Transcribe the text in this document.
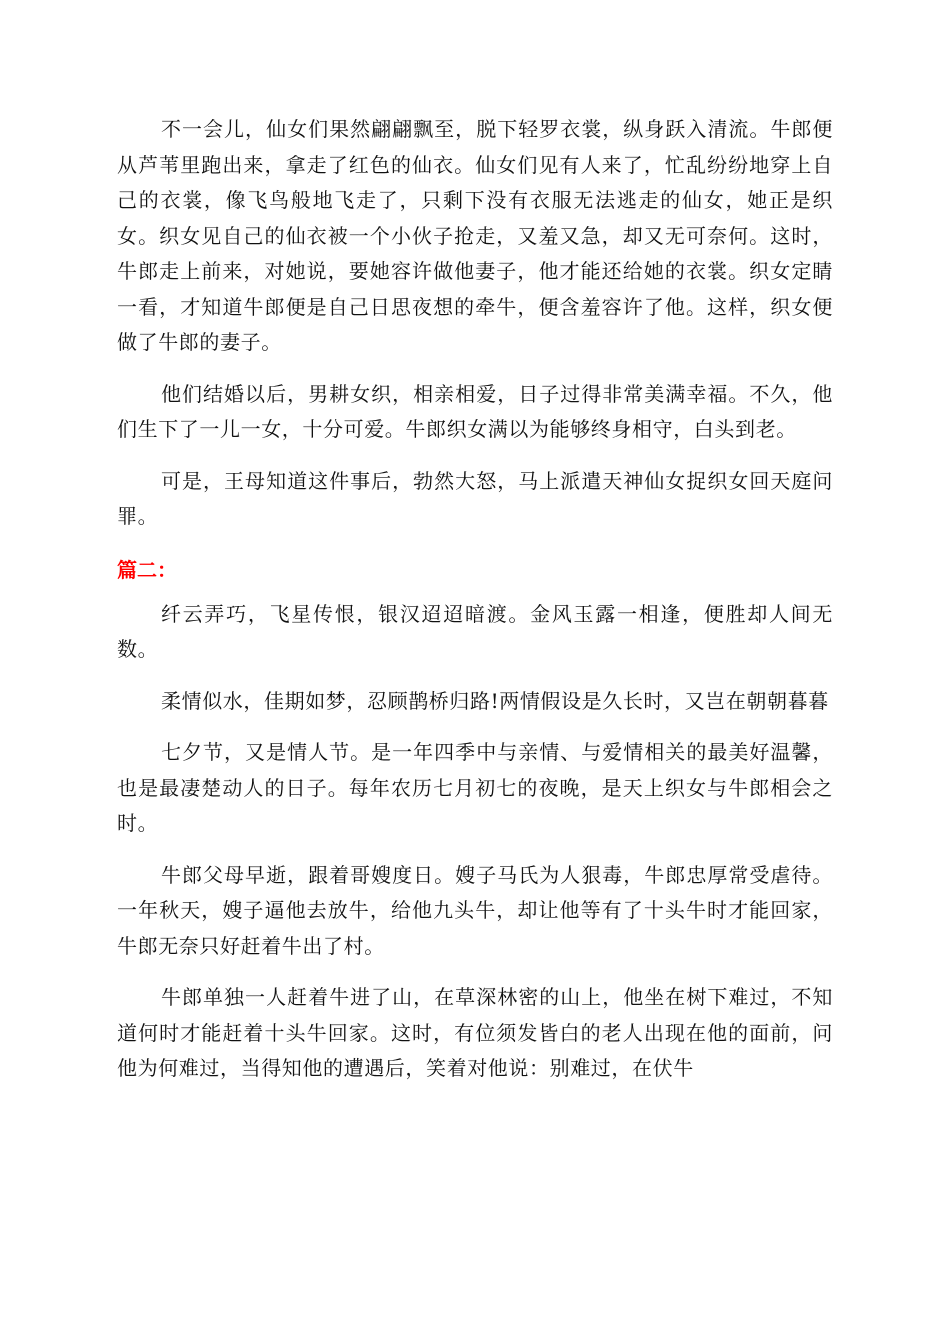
不一会儿，仙女们果然翩翩飘至，脱下轻罗衣裳，纵身跃入清流。牛郎便从芦苇里跑出来，拿走了红色的仙衣。仙女们见有人来了，忙乱纷纷地穿上自己的衣裳，像飞鸟般地飞走了，只剩下没有衣服无法逃走的仙女，她正是织女。织女见自己的仙衣被一个小伙子抢走，又羞又急，却又无可奈何。这时，牛郎走上前来，对她说，要她容许做他妻子，他才能还给她的衣裳。织女定睛一看，才知道牛郎便是自己日思夜想的牵牛，便含羞容许了他。这样，织女便做了牛郎的妻子。

他们结婚以后，男耕女织，相亲相爱，日子过得非常美满幸福。不久，他们生下了一儿一女，十分可爱。牛郎织女满以为能够终身相守，白头到老。

可是，王母知道这件事后，勃然大怒，马上派遣天神仙女捉织女回天庭问罪。

篇二：

纤云弄巧，飞星传恨，银汉迢迢暗渡。金风玉露一相逢，便胜却人间无数。

柔情似水，佳期如梦，忍顾鹊桥归路!两情假设是久长时，又岂在朝朝暮暮

七夕节，又是情人节。是一年四季中与亲情、与爱情相关的最美好温馨，也是最凄楚动人的日子。每年农历七月初七的夜晚，是天上织女与牛郎相会之时。

牛郎父母早逝，跟着哥嫂度日。嫂子马氏为人狠毒，牛郎忠厚常受虐待。一年秋天，嫂子逼他去放牛，给他九头牛，却让他等有了十头牛时才能回家，牛郎无奈只好赶着牛出了村。

牛郎单独一人赶着牛进了山，在草深林密的山上，他坐在树下难过，不知道何时才能赶着十头牛回家。这时，有位须发皆白的老人出现在他的面前，问他为何难过，当得知他的遭遇后，笑着对他说：别难过，在伏牛
